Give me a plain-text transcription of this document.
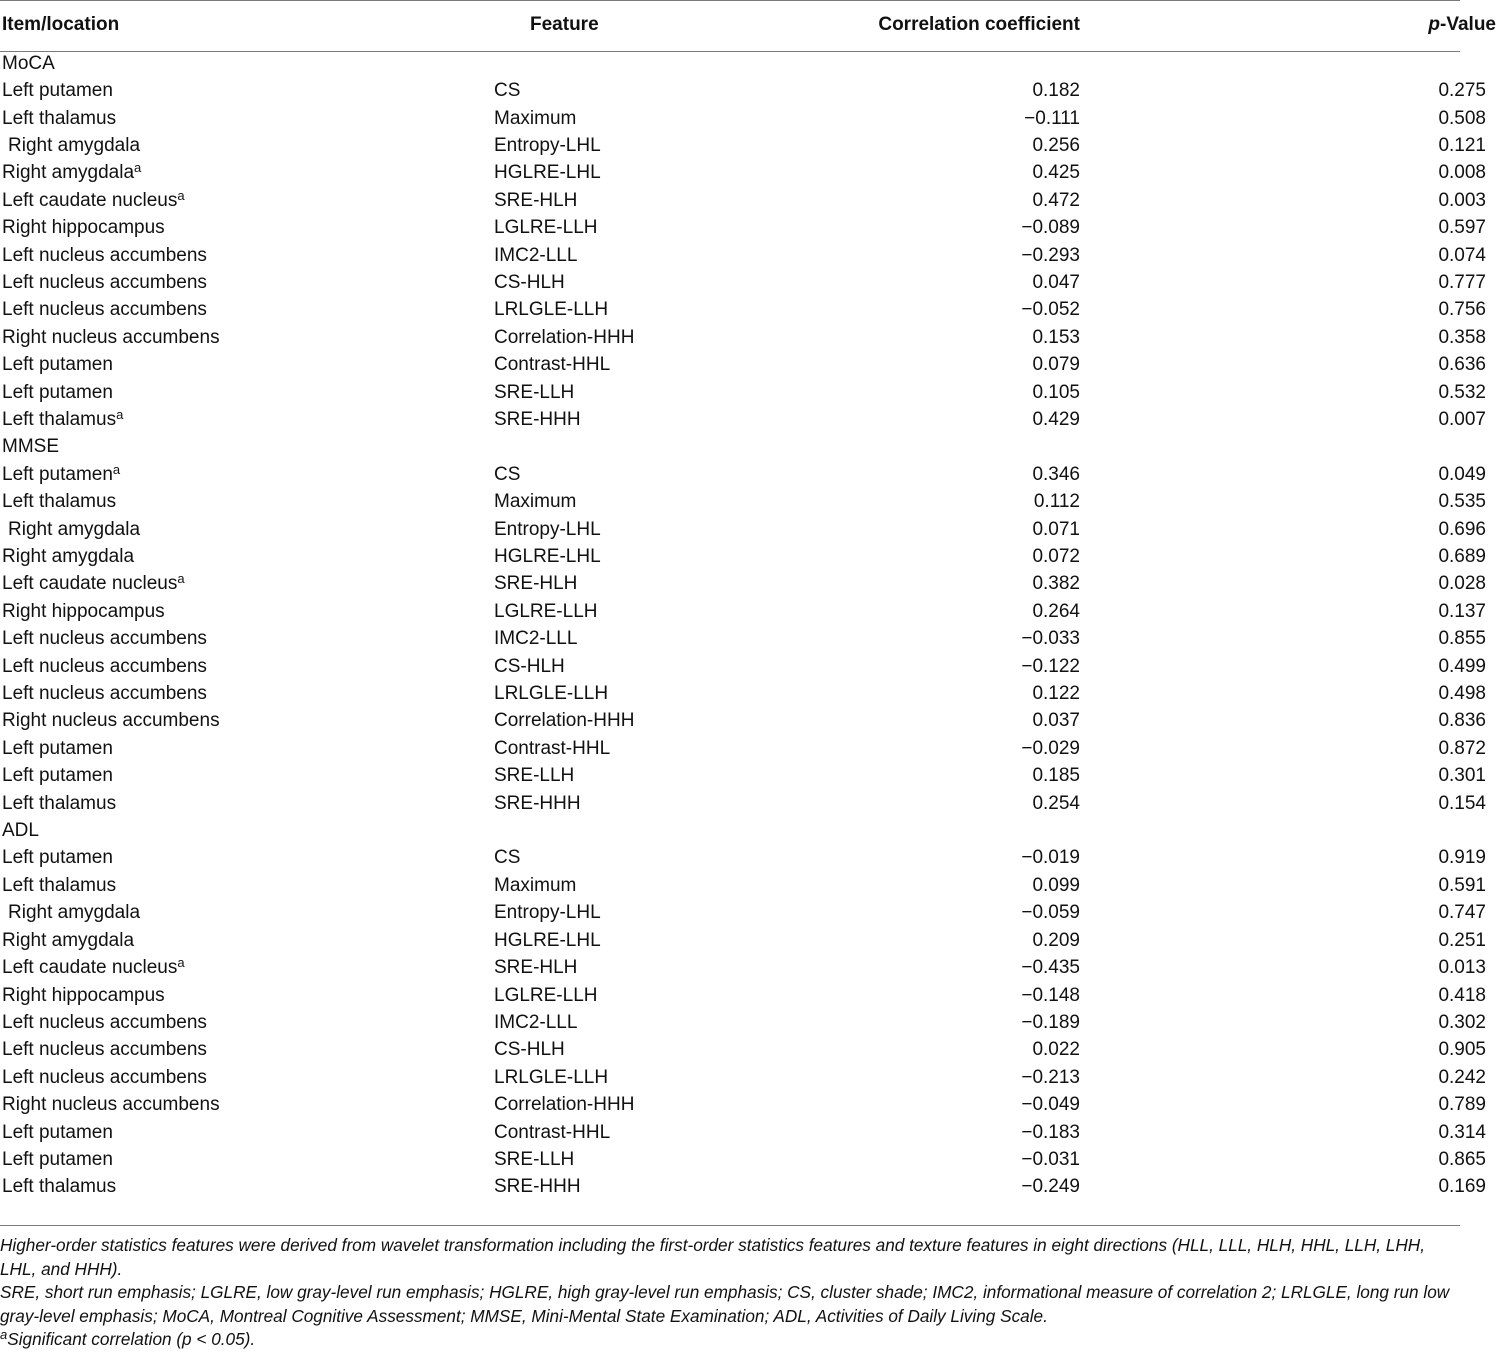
Item/location	Feature	Correlation coefficient	p-Value
MoCA			
Left putamen	CS	0.182	0.275
Left thalamus	Maximum	−0.111	0.508
Right amygdala	Entropy-LHL	0.256	0.121
Right amygdala$^a$	HGLRE-LHL	0.425	0.008
Left caudate nucleus$^a$	SRE-HLH	0.472	0.003
Right hippocampus	LGLRE-LLH	−0.089	0.597
Left nucleus accumbens	IMC2-LLL	−0.293	0.074
Left nucleus accumbens	CS-HLH	0.047	0.777
Left nucleus accumbens	LRLGLE-LLH	−0.052	0.756
Right nucleus accumbens	Correlation-HHH	0.153	0.358
Left putamen	Contrast-HHL	0.079	0.636
Left putamen	SRE-LLH	0.105	0.532
Left thalamus$^a$	SRE-HHH	0.429	0.007
MMSE			
Left putamen$^a$	CS	0.346	0.049
Left thalamus	Maximum	0.112	0.535
Right amygdala	Entropy-LHL	0.071	0.696
Right amygdala	HGLRE-LHL	0.072	0.689
Left caudate nucleus$^a$	SRE-HLH	0.382	0.028
Right hippocampus	LGLRE-LLH	0.264	0.137
Left nucleus accumbens	IMC2-LLL	−0.033	0.855
Left nucleus accumbens	CS-HLH	−0.122	0.499
Left nucleus accumbens	LRLGLE-LLH	0.122	0.498
Right nucleus accumbens	Correlation-HHH	0.037	0.836
Left putamen	Contrast-HHL	−0.029	0.872
Left putamen	SRE-LLH	0.185	0.301
Left thalamus	SRE-HHH	0.254	0.154
ADL			
Left putamen	CS	−0.019	0.919
Left thalamus	Maximum	0.099	0.591
Right amygdala	Entropy-LHL	−0.059	0.747
Right amygdala	HGLRE-LHL	0.209	0.251
Left caudate nucleus$^a$	SRE-HLH	−0.435	0.013
Right hippocampus	LGLRE-LLH	−0.148	0.418
Left nucleus accumbens	IMC2-LLL	−0.189	0.302
Left nucleus accumbens	CS-HLH	0.022	0.905
Left nucleus accumbens	LRLGLE-LLH	−0.213	0.242
Right nucleus accumbens	Correlation-HHH	−0.049	0.789
Left putamen	Contrast-HHL	−0.183	0.314
Left putamen	SRE-LLH	−0.031	0.865
Left thalamus	SRE-HHH	−0.249	0.169

Higher-order statistics features were derived from wavelet transformation including the first-order statistics features and texture features in eight directions (HLL, LLL, HLH, HHL, LLH, LHH, LHL, and HHH).

SRE, short run emphasis; LGLRE, low gray-level run emphasis; HGLRE, high gray-level run emphasis; CS, cluster shade; IMC2, informational measure of correlation 2; LRLGLE, long run low gray-level emphasis; MoCA, Montreal Cognitive Assessment; MMSE, Mini-Mental State Examination; ADL, Activities of Daily Living Scale.

$^a$Significant correlation (p < 0.05).
